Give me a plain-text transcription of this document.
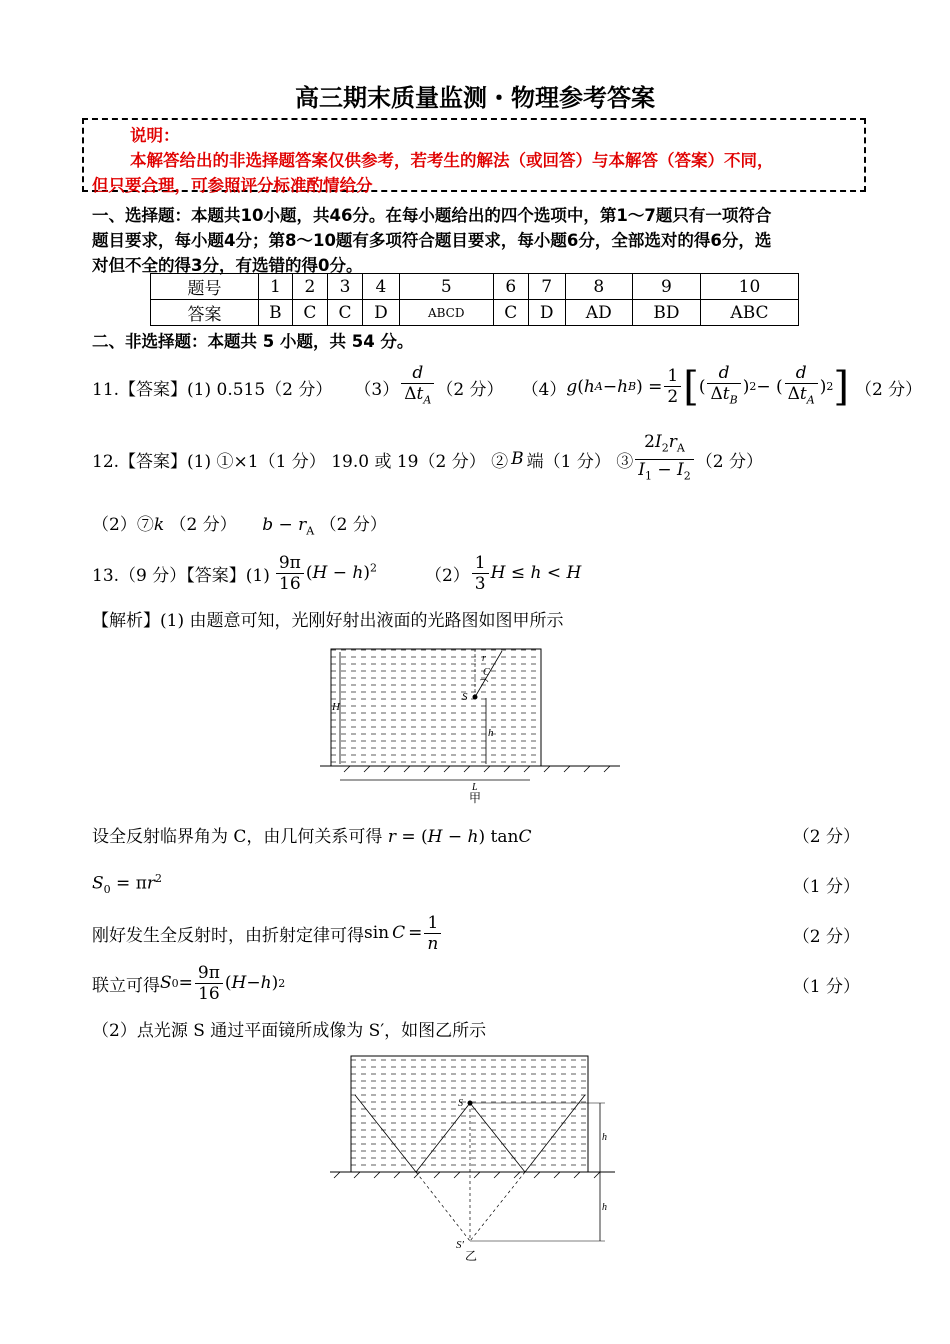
高三期末质量监测・物理参考答案
说明：
本解答给出的非选择题答案仅供参考，若考生的解法（或回答）与本解答（答案）不同，
但只要合理，可参照评分标准酌情给分
一、选择题：本题共10小题，共46分。在每小题给出的四个选项中，第1～7题只有一项符合
题目要求，每小题4分；第8～10题有多项符合题目要求，每小题6分，全部选对的得6分，选
对但不全的得3分，有选错的得0分。
题号	1	2	3	4	5	6	7	8	9	10
答案	B	C	C	D	ABCD	C	D	AD	BD	ABC
二、非选择题：本题共 5 小题，共 54 分。
11.【答案】(1) 0.515（2 分） $(3) \frac{d}{\Delta t_A} (2$ 分） （4） g ( h A − h B ) = $\frac{1}{2}$ [ ( $\frac{d}{\Delta t_B}$ ) 2 − ( $\frac{d}{\Delta t_A}$ ) 2 ] （2 分）
12.【答案】(1) ①×1（1 分） 19.0 或 19（2 分） ② B 端（1 分） ③ $\frac{2I_2r_A}{I_1 - I_2} (2$ 分）
（2）⑦k （2 分） $b - r_A$ （2 分）
13.（9 分）【答案】$(1) \frac{9\pi}{16} (H - h)^2$	$(2) \frac{1}{3}$ H ≤ h < H
【解析】(1) 由题意可知，光刚好射出液面的光路图如图甲所示
H
h
S
C
r
L
甲
设全反射临界角为 C，由几何关系可得 r = (H − h) tanC	（2 分）
$S_0 = \pi r^2$	（1 分）
刚好发生全反射时，由折射定律可得 $\sin C = \frac{1}{n}$	（2 分）
联立可得 S $0 = \frac{9\pi}{16}$ ( H − h ) 2	（1 分）
（2）点光源 S 通过平面镜所成像为 S′，如图乙所示
S
h
h
S′
乙
